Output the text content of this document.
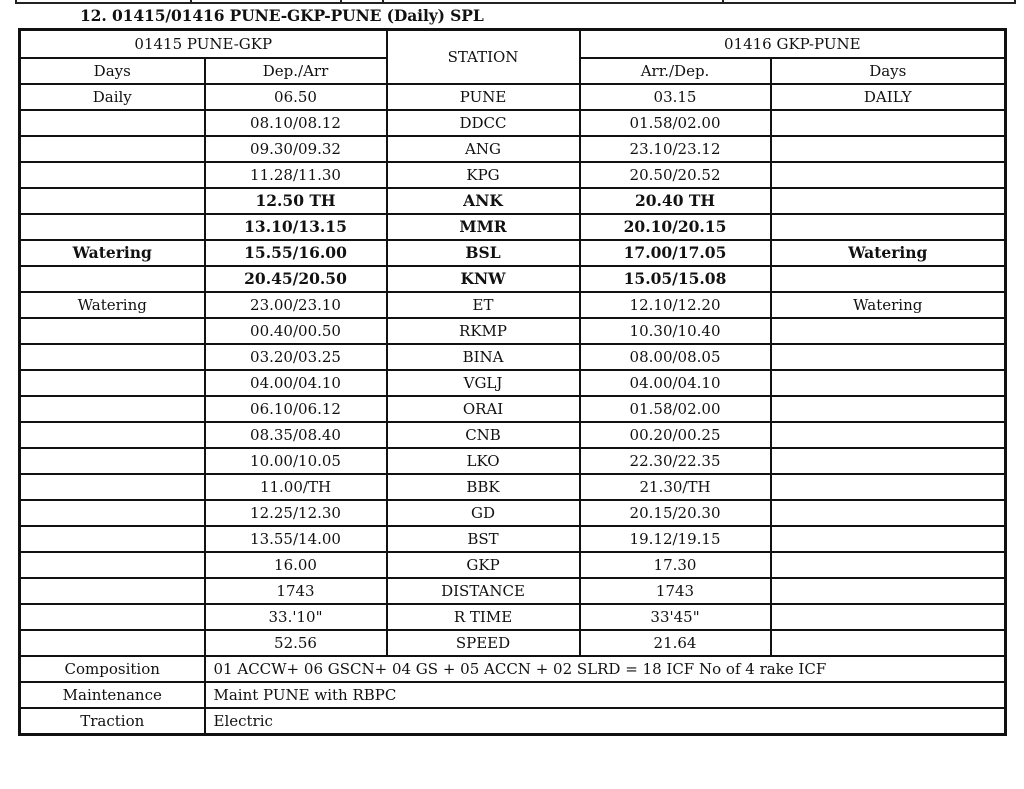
12. 01415/01416 PUNE-GKP-PUNE (Daily) SPL
01415 PUNE-GKP		STATION	01416 GKP-PUNE	
Days	Dep./Arr		Arr./Dep.	Days
Daily	06.50	PUNE	03.15	DAILY
	08.10/08.12	DDCC	01.58/02.00	
	09.30/09.32	ANG	23.10/23.12	
	11.28/11.30	KPG	20.50/20.52	
	12.50 TH	ANK	20.40 TH	
	13.10/13.15	MMR	20.10/20.15	
Watering	15.55/16.00	BSL	17.00/17.05	Watering
	20.45/20.50	KNW	15.05/15.08	
Watering	23.00/23.10	ET	12.10/12.20	Watering
	00.40/00.50	RKMP	10.30/10.40	
	03.20/03.25	BINA	08.00/08.05	
	04.00/04.10	VGLJ	04.00/04.10	
	06.10/06.12	ORAI	01.58/02.00	
	08.35/08.40	CNB	00.20/00.25	
	10.00/10.05	LKO	22.30/22.35	
	11.00/TH	BBK	21.30/TH	
	12.25/12.30	GD	20.15/20.30	
	13.55/14.00	BST	19.12/19.15	
	16.00	GKP	17.30	
	1743	DISTANCE	1743	
	33.'10"	R TIME	33'45"	
	52.56	SPEED	21.64	
Composition	01 ACCW+ 06 GSCN+ 04 GS + 05 ACCN + 02 SLRD = 18 ICF No of 4 rake ICF			
Maintenance	Maint PUNE with RBPC			
Traction	Electric			
